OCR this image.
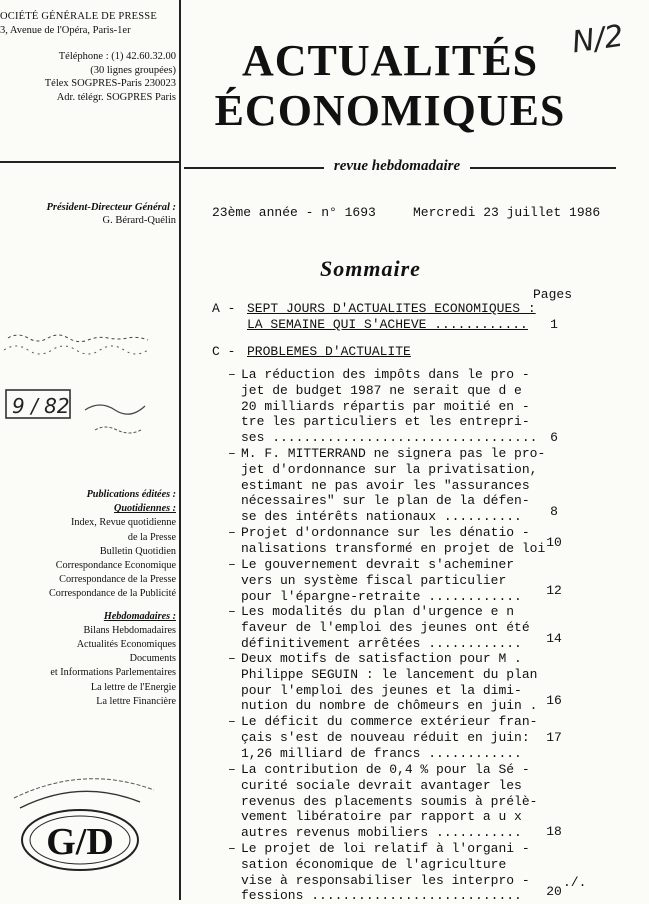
OCIÉTÉ GÉNÉRALE DE PRESSE
3, Avenue de l'Opéra, Paris-1er
Téléphone : (1) 42.60.32.00
(30 lignes groupées)
Télex SOGPRES-Paris 230023
Adr. télégr. SOGPRES Paris
Président-Directeur Général :
G. Bérard-Quélin
9 / 82
Publications éditées :
Quotidiennes :
Index, Revue quotidienne
de la Presse
Bulletin Quotidien
Correspondance Economique
Correspondance de la Presse
Correspondance de la Publicité
Hebdomadaires :
Bilans Hebdomadaires
Actualités Economiques
Documents
et Informations Parlementaires
La lettre de l'Energie
La lettre Financière
G/D
ACTUALITÉS
ÉCONOMIQUES
N/2
revue hebdomadaire
23ème année - n° 1693	Mercredi 23 juillet 1986
Sommaire
Pages
A - SEPT JOURS D'ACTUALITES ECONOMIQUES :
LA SEMAINE QUI S'ACHEVE ............	1
C - PROBLEMES D'ACTUALITE
– La réduction des impôts dans le pro -
jet de budget 1987 ne serait que d e
20 milliards répartis par moitié en -
tre les particuliers et les entrepri-
ses .................................. 6
– M. F. MITTERRAND ne signera pas le pro-
jet d'ordonnance sur la privatisation,
estimant ne pas avoir les "assurances
nécessaires" sur le plan de la défen-
se des intérêts nationaux ..........	8
– Projet d'ordonnance sur les dénatio -
nalisations transformé en projet de loi 10
– Le gouvernement devrait s'acheminer
vers un système fiscal particulier
pour l'épargne-retraite ............	12
– Les modalités du plan d'urgence e n
faveur de l'emploi des jeunes ont été
définitivement arrêtées ............	14
– Deux motifs de satisfaction pour M .
Philippe SEGUIN : le lancement du plan
pour l'emploi des jeunes et la dimi-
nution du nombre de chômeurs en juin . 16
– Le déficit du commerce extérieur fran-
çais s'est de nouveau réduit en juin:
1,26 milliard de francs ............
17
– La contribution de 0,4 % pour la Sé -
curité sociale devrait avantager les
revenus des placements soumis à prélè-
vement libératoire par rapport a u x
autres revenus mobiliers ...........	18
– Le projet de loi relatif à l'organi -
sation économique de l'agriculture
vise à responsabiliser les interpro -
fessions ...........................	20
./.
